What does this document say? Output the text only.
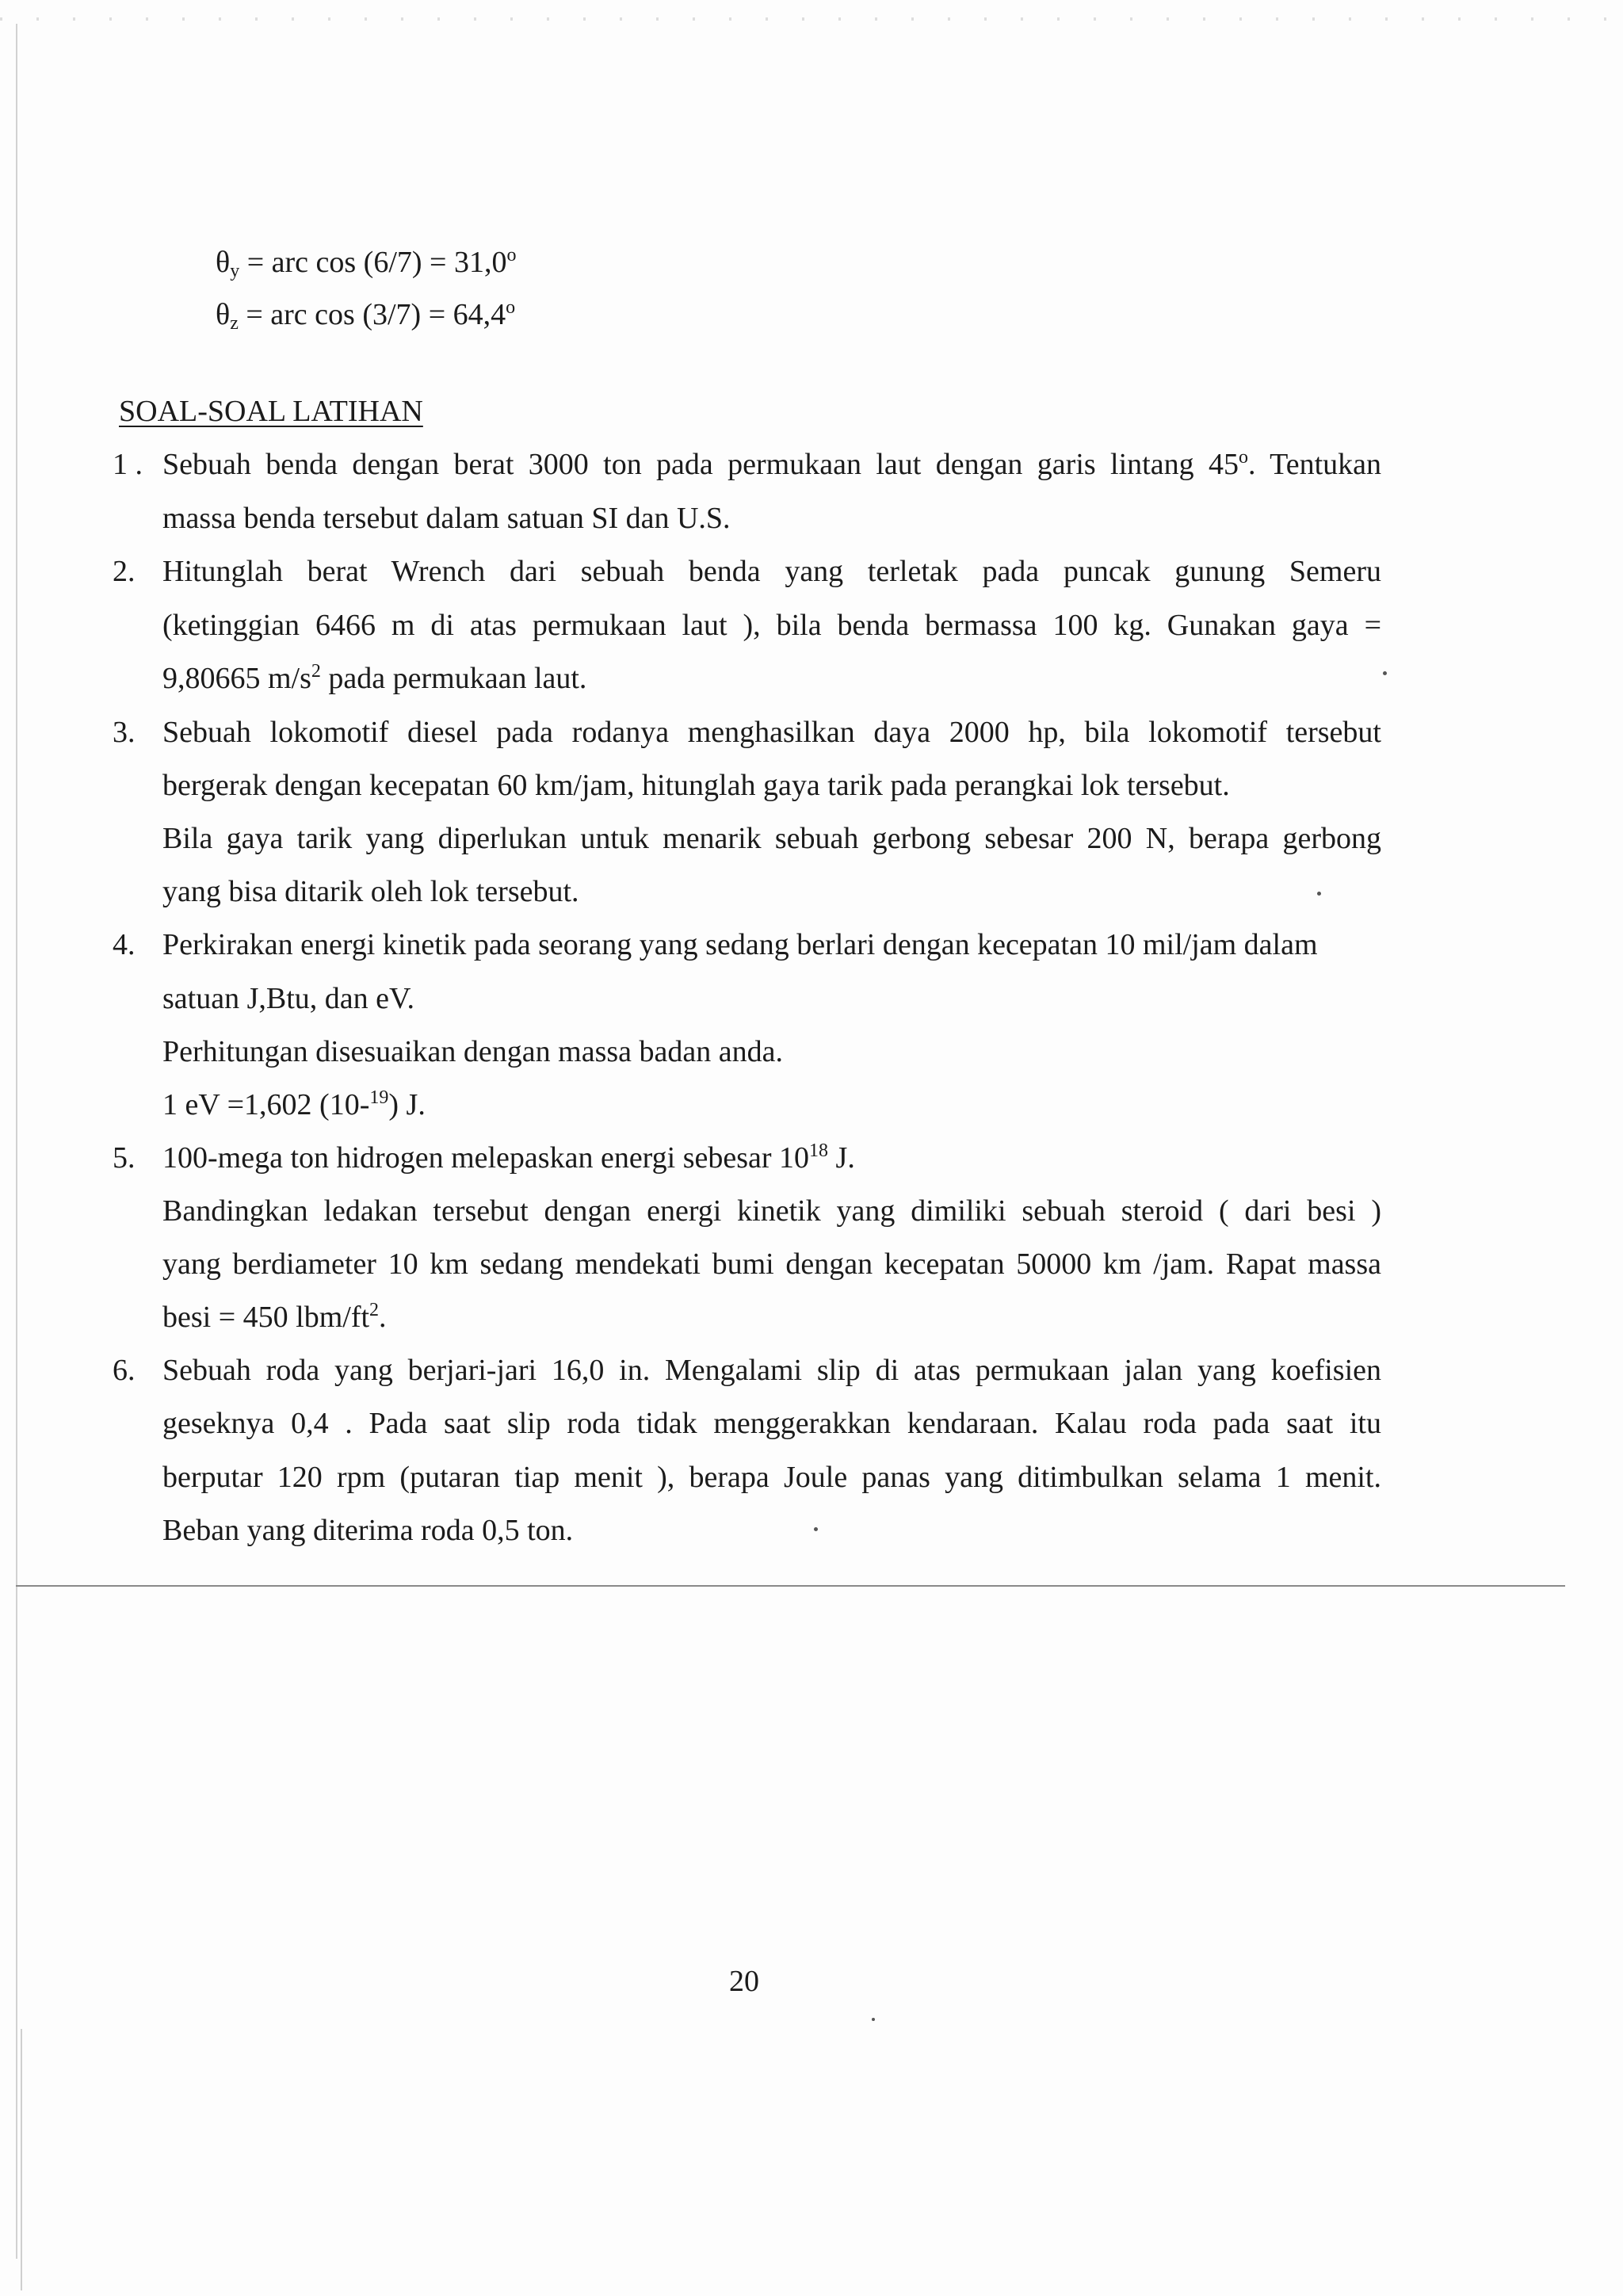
$\theta_y$ = arc $\cos (6/7) = 31,0^o$
$\theta_z$ = arc $\cos (3/7) = 64,4^o$
SOAL-SOAL LATIHAN
1 . Sebuah benda dengan berat 3000 ton pada permukaan laut dengan garis lintang 45$^o$. Tentukan
massa benda tersebut dalam satuan SI dan U.S.
2. Hitunglah berat Wrench dari sebuah benda yang terletak pada puncak gunung Semeru
(ketinggian 6466 m di atas permukaan laut ), bila benda bermassa 100 kg. Gunakan gaya =
9,80665 $m/s^2$ pada permukaan laut.
3. Sebuah lokomotif diesel pada rodanya menghasilkan daya 2000 hp, bila lokomotif tersebut
bergerak dengan kecepatan 60 km/jam, hitunglah gaya tarik pada perangkai lok tersebut.
Bila gaya tarik yang diperlukan untuk menarik sebuah gerbong sebesar 200 N, berapa gerbong
yang bisa ditarik oleh lok tersebut.
4. Perkirakan energi kinetik pada seorang yang sedang berlari dengan kecepatan 10 mil/jam dalam
satuan J,Btu, dan eV.
Perhitungan disesuaikan dengan massa badan anda.
1 eV =1,602 (10-$^{19}$) J.
5. 100-mega ton hidrogen melepaskan energi sebesar $10^{18}$ J.
Bandingkan ledakan tersebut dengan energi kinetik yang dimiliki sebuah steroid ( dari besi )
yang berdiameter 10 km sedang mendekati bumi dengan kecepatan 50000 km /jam. Rapat massa
besi = 450 lbm/$ft^2$.
6. Sebuah roda yang berjari-jari 16,0 in. Mengalami slip di atas permukaan jalan yang koefisien
geseknya 0,4 . Pada saat slip roda tidak menggerakkan kendaraan. Kalau roda pada saat itu
berputar 120 rpm (putaran tiap menit ), berapa Joule panas yang ditimbulkan selama 1 menit.
Beban yang diterima roda 0,5 ton.
20
